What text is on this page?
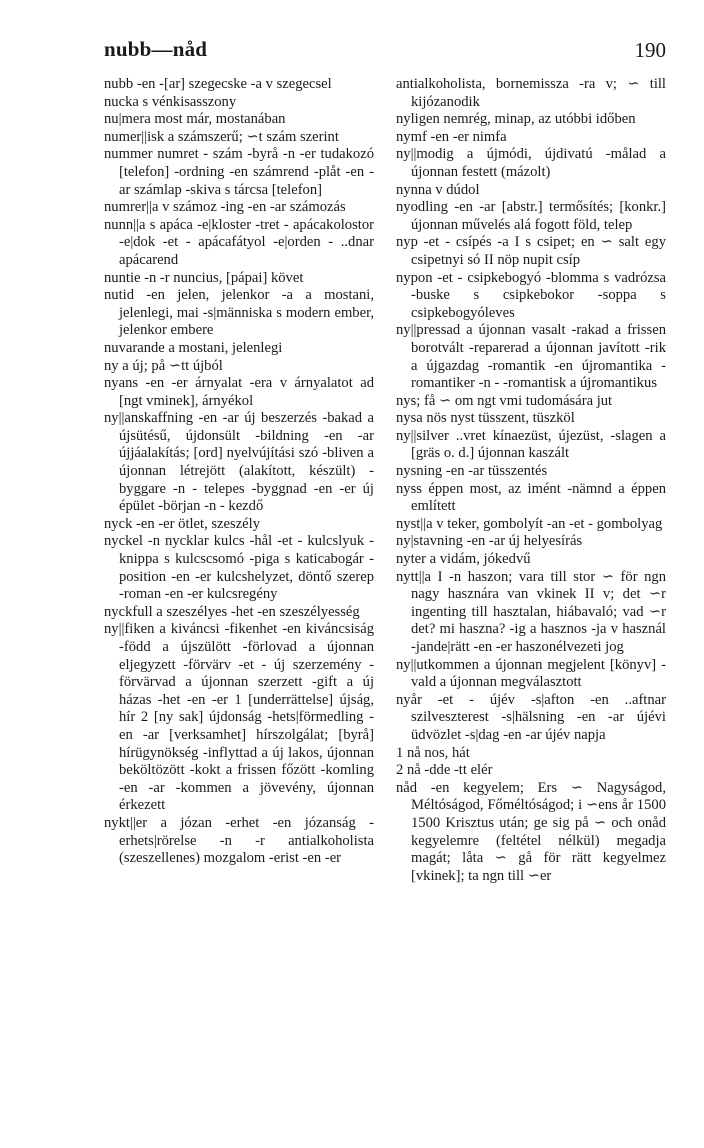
nubb—nåd	190

nubb -en -[ar] szegecske -a v szegecsel

nucka s vénkisasszony

nu|mera most már, mostanában

numer||isk a számszerű; ∽t szám szerint

nummer numret - szám -byrå -n -er tudakozó [telefon] -ordning -en számrend -plåt -en -ar számlap -skiva s tárcsa [telefon]

numrer||a v számoz -ing -en -ar számozás

nunn||a s apáca -e|kloster -tret - apácakolostor -e|dok -et - apácafátyol -e|orden - ..dnar apácarend

nuntie -n -r nuncius, [pápai] követ

nutid -en jelen, jelenkor -a a mostani, jelenlegi, mai -s|människa s modern ember, jelenkor embere

nuvarande a mostani, jelenlegi

ny a új; på ∽tt újból

nyans -en -er árnyalat -era v árnyalatot ad [ngt vminek], árnyékol

ny||anskaffning -en -ar új beszerzés -bakad a újsütésű, újdonsült -bildning -en -ar újjáalakítás; [ord] nyelvújítási szó -bliven a újonnan létrejött (alakított, készült) -byggare -n - telepes -byggnad -en -er új épület -början -n - kezdő

nyck -en -er ötlet, szeszély

nyckel -n nycklar kulcs -hål -et - kulcslyuk -knippa s kulcscsomó -piga s katicabogár -position -en -er kulcshelyzet, döntő szerep -roman -en -er kulcsregény

nyckfull a szeszélyes -het -en szeszélyesség

ny||fiken a kiváncsi -fikenhet -en kiváncsiság -född a újszülött -förlovad a újonnan eljegyzett -förvärv -et - új szerzemény -förvärvad a újonnan szerzett -gift a új házas -het -en -er 1 [underrättelse] újság, hír 2 [ny sak] újdonság -hets|förmedling -en -ar [verksamhet] hírszolgálat; [byrå] hírügynökség -inflyttad a új lakos, újonnan beköltözött -kokt a frissen főzött -komling -en -ar -kommen a jövevény, újonnan érkezett

nykt||er a józan -erhet -en józanság -erhets|rörelse -n -r antialkoholista (szeszellenes) mozgalom -erist -en -er

antialkoholista, bornemissza -ra v; ∽ till kijózanodik

nyligen nemrég, minap, az utóbbi időben

nymf -en -er nimfa

ny||modig a újmódi, újdivatú -målad a újonnan festett (mázolt)

nynna v dúdol

nyodling -en -ar [abstr.] termősítés; [konkr.] újonnan művelés alá fogott föld, telep

nyp -et - csípés -a I s csipet; en ∽ salt egy csipetnyi só II nöp nupit csíp

nypon -et - csipkebogyó -blomma s vadrózsa -buske s csipkebokor -soppa s csipkebogyóleves

ny||pressad a újonnan vasalt -rakad a frissen borotvált -reparerad a újonnan javított -rik a újgazdag -romantik -en újromantika -romantiker -n - -romantisk a újromantikus

nys; få ∽ om ngt vmi tudomására jut

nysa nös nyst tüsszent, tüszköl

ny||silver ..vret kínaezüst, újezüst, -slagen a [gräs o. d.] újonnan kaszált

nysning -en -ar tüsszentés

nyss éppen most, az imént -nämnd a éppen említett

nyst||a v teker, gombolyít -an -et - gombolyag

ny|stavning -en -ar új helyesírás

nyter a vidám, jókedvű

nytt||a I -n haszon; vara till stor ∽ för ngn nagy hasznára van vkinek II v; det ∽r ingenting till hasztalan, hiábavaló; vad ∽r det? mi haszna? -ig a hasznos -ja v használ -jande|rätt -en -er haszonélvezeti jog

ny||utkommen a újonnan megjelent [könyv] -vald a újonnan megválasztott

nyår -et - újév -s|afton -en ..aftnar szilveszterest -s|hälsning -en -ar újévi üdvözlet -s|dag -en -ar újév napja

1 nå nos, hát

2 nå -dde -tt elér

nåd -en kegyelem; Ers ∽ Nagyságod, Méltóságod, Főméltóságod; i ∽ens år 1500 1500 Krisztus után; ge sig på ∽ och onåd kegyelemre (feltétel nélkül) megadja magát; låta ∽ gå för rätt kegyelmez [vkinek]; ta ngn till ∽er
